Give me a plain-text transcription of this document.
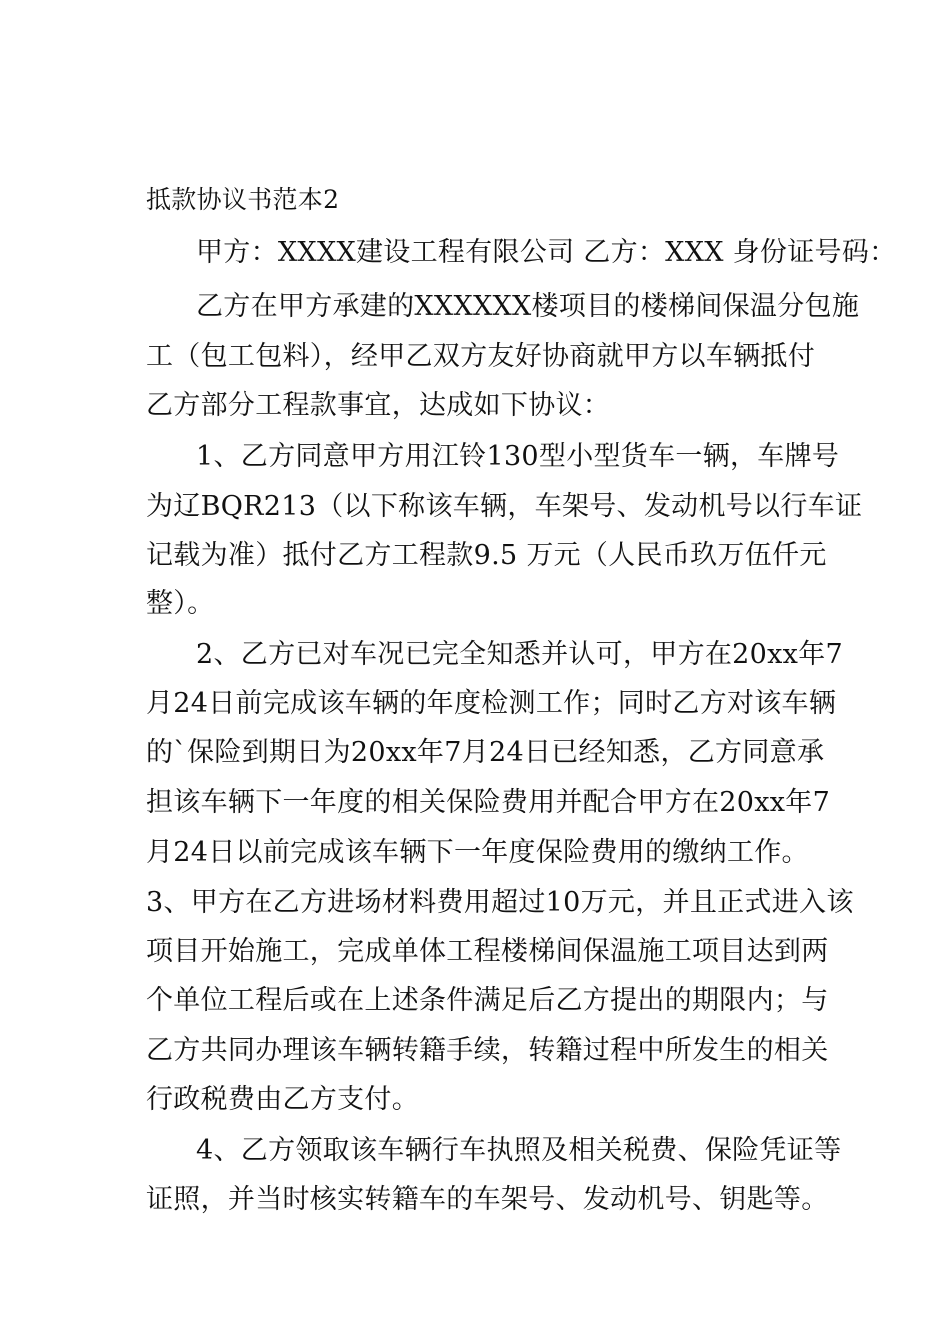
抵款协议书范本2
甲方：XXXX建设工程有限公司 乙方：XXX 身份证号码：
乙方在甲方承建的XXXXXX楼项目的楼梯间保温分包施
工（包工包料），经甲乙双方友好协商就甲方以车辆抵付
乙方部分工程款事宜，达成如下协议：
1、乙方同意甲方用江铃130型小型货车一辆，车牌号
为辽BQR213（以下称该车辆，车架号、发动机号以行车证
记载为准）抵付乙方工程款9.5 万元（人民币玖万伍仟元
整）。
2、乙方已对车况已完全知悉并认可，甲方在20xx年7
月24日前完成该车辆的年度检测工作；同时乙方对该车辆
的`保险到期日为20xx年7月24日已经知悉，乙方同意承
担该车辆下一年度的相关保险费用并配合甲方在20xx年7
月24日以前完成该车辆下一年度保险费用的缴纳工作。
3、甲方在乙方进场材料费用超过10万元，并且正式进入该
项目开始施工，完成单体工程楼梯间保温施工项目达到两
个单位工程后或在上述条件满足后乙方提出的期限内；与
乙方共同办理该车辆转籍手续，转籍过程中所发生的相关
行政税费由乙方支付。
4、乙方领取该车辆行车执照及相关税费、保险凭证等
证照，并当时核实转籍车的车架号、发动机号、钥匙等。
